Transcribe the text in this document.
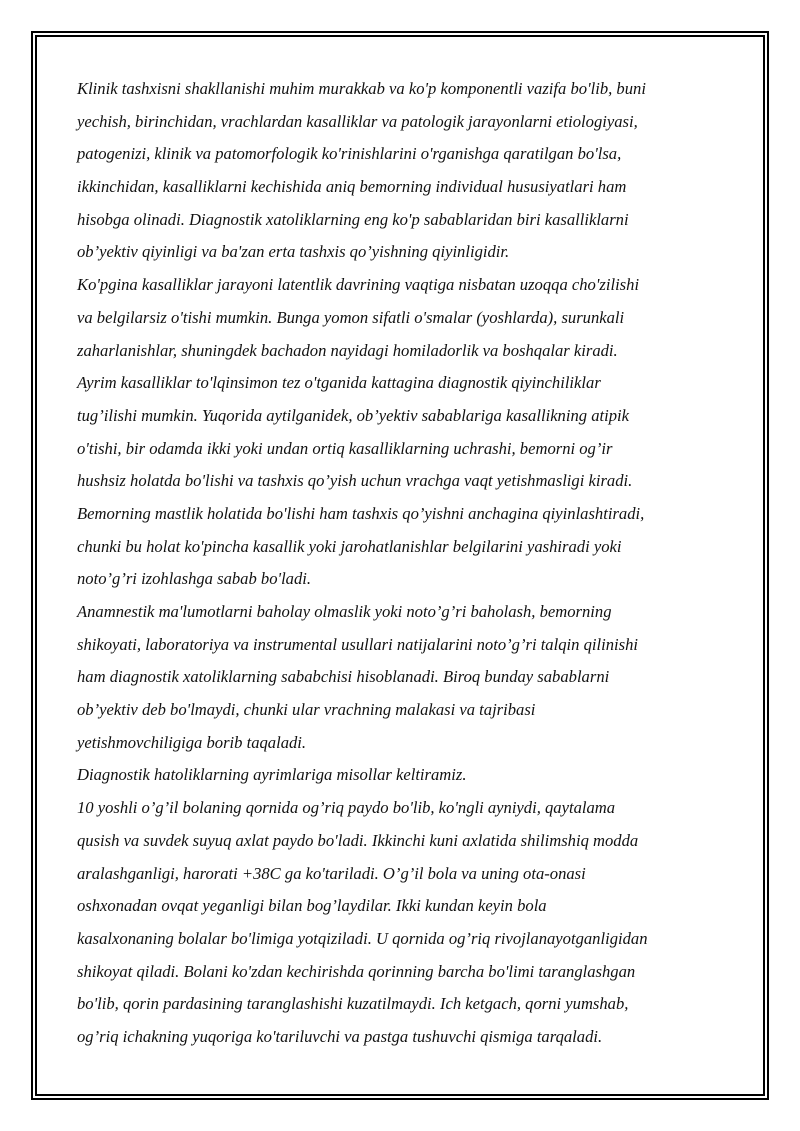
Klinik tashxisni shakllanishi muhim murakkab va ko'p komponentli vazifa bo'lib, buni
yechish, birinchidan, vrachlardan kasalliklar va patologik jarayonlarni etiologiyasi,
patogenizi, klinik va patomorfologik ko'rinishlarini o'rganishga qaratilgan bo'lsa,
ikkinchidan, kasalliklarni kechishida aniq bemorning individual hususiyatlari ham
hisobga olinadi. Diagnostik xatoliklarning eng ko'p sabablaridan biri kasalliklarni
ob’yektiv qiyinligi va ba'zan erta tashxis qo’yishning qiyinligidir.
Ko'pgina kasalliklar jarayoni latentlik davrining vaqtiga nisbatan uzoqqa cho'zilishi
va belgilarsiz o'tishi mumkin. Bunga yomon sifatli o'smalar (yoshlarda), surunkali
zaharlanishlar, shuningdek bachadon nayidagi homiladorlik va boshqalar kiradi.
Ayrim kasalliklar to'lqinsimon tez o'tganida kattagina diagnostik qiyinchiliklar
tug’ilishi mumkin. Yuqorida aytilganidek, ob’yektiv sabablariga kasallikning atipik
o'tishi, bir odamda ikki yoki undan ortiq kasalliklarning uchrashi, bemorni og’ir
hushsiz holatda bo'lishi va tashxis qo’yish uchun vrachga vaqt yetishmasligi kiradi.
Bemorning mastlik holatida bo'lishi ham tashxis qo’yishni anchagina qiyinlashtiradi,
chunki bu holat ko'pincha kasallik yoki jarohatlanishlar belgilarini yashiradi yoki
noto’g’ri izohlashga sabab bo'ladi.
Anamnestik ma'lumotlarni baholay olmaslik yoki noto’g’ri baholash, bemorning
shikoyati, laboratoriya va instrumental usullari natijalarini noto’g’ri talqin qilinishi
ham diagnostik xatoliklarning sababchisi hisoblanadi. Biroq bunday sabablarni
ob’yektiv deb bo'lmaydi, chunki ular vrachning malakasi va tajribasi
yetishmovchiligiga borib taqaladi.
Diagnostik hatoliklarning ayrimlariga misollar keltiramiz.
10 yoshli o’g’il bolaning qornida og’riq paydo bo'lib, ko'ngli ayniydi, qaytalama
qusish va suvdek suyuq axlat paydo bo'ladi. Ikkinchi kuni axlatida shilimshiq modda
aralashganligi, harorati +38C ga ko'tariladi. O’g’il bola va uning ota-onasi
oshxonadan ovqat yeganligi bilan bog’laydilar. Ikki kundan keyin bola
kasalxonaning bolalar bo'limiga yotqiziladi. U qornida og’riq rivojlanayotganligidan
shikoyat qiladi. Bolani ko'zdan kechirishda qorinning barcha bo'limi taranglashgan
bo'lib, qorin pardasining taranglashishi kuzatilmaydi. Ich ketgach, qorni yumshab,
og’riq ichakning yuqoriga ko'tariluvchi va pastga tushuvchi qismiga tarqaladi.
